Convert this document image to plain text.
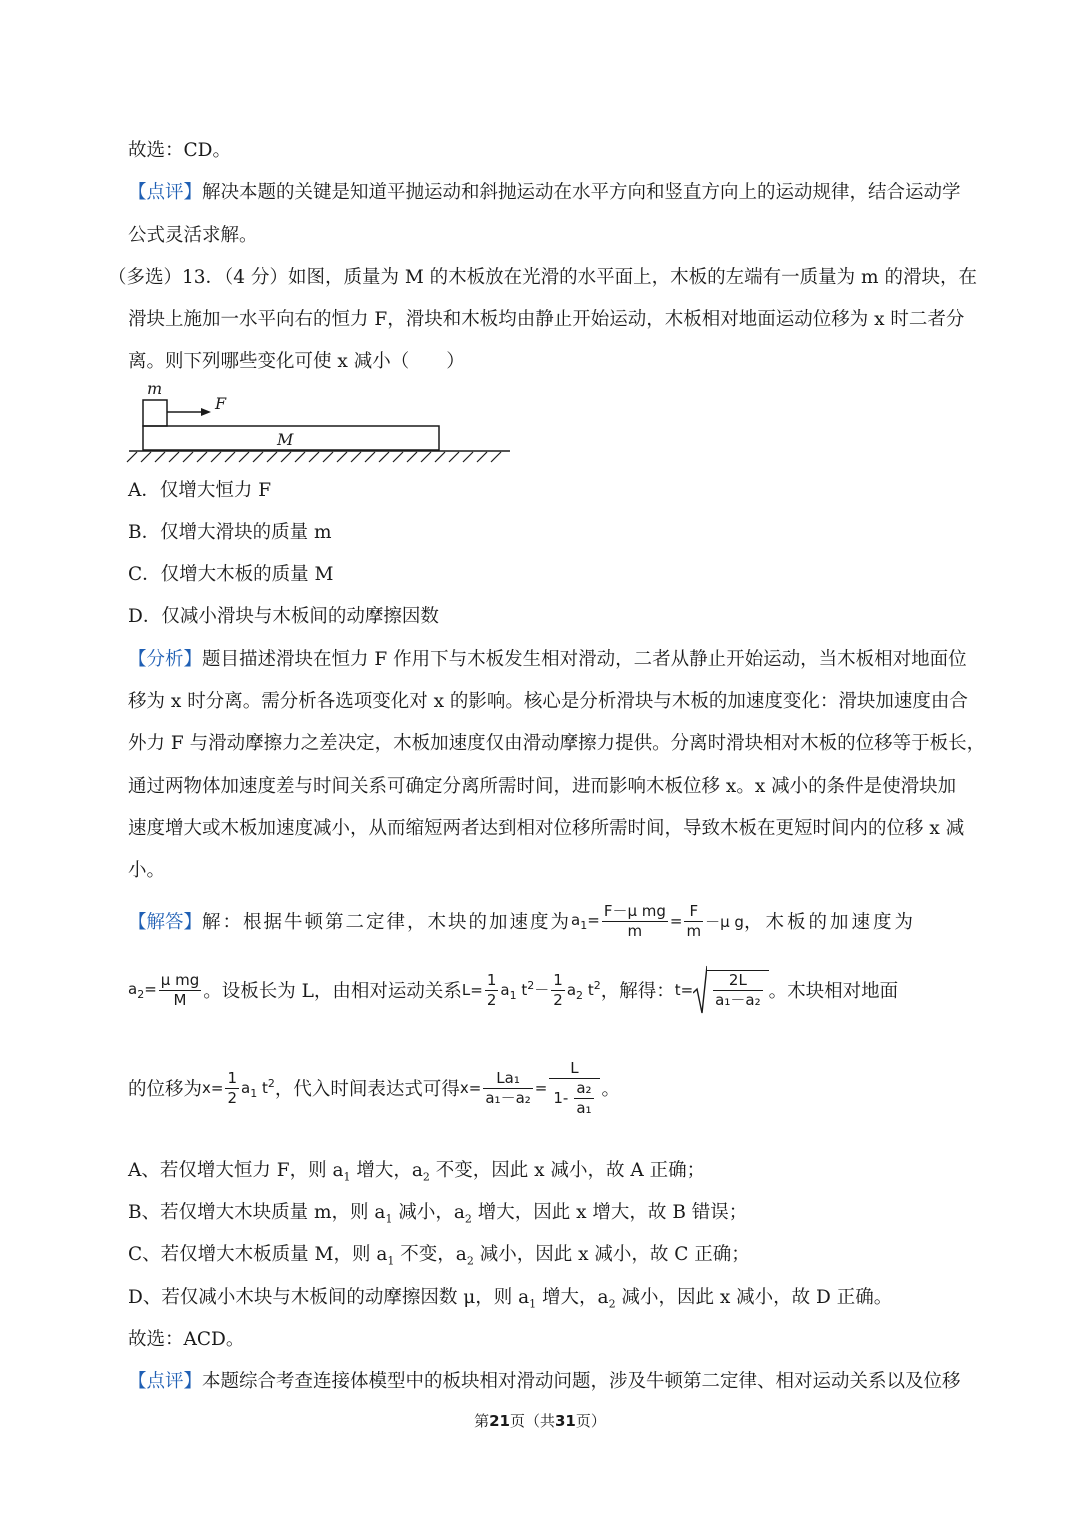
故选：CD。
【点评】解决本题的关键是知道平抛运动和斜抛运动在水平方向和竖直方向上的运动规律，结合运动学
公式灵活求解。
（多选）13．（4 分）如图，质量为 M 的木板放在光滑的水平面上，木板的左端有一质量为 m 的滑块，在
滑块上施加一水平向右的恒力 F，滑块和木板均由静止开始运动，木板相对地面运动位移为 x 时二者分
离。则下列哪些变化可使 x 减小（　　）
m
F
M
A．仅增大恒力 F
B．仅增大滑块的质量 m
C．仅增大木板的质量 M
D．仅减小滑块与木板间的动摩擦因数
【分析】题目描述滑块在恒力 F 作用下与木板发生相对滑动，二者从静止开始运动，当木板相对地面位
移为 x 时分离。需分析各选项变化对 x 的影响。核心是分析滑块与木板的加速度变化：滑块加速度由合
外力 F 与滑动摩擦力之差决定，木板加速度仅由滑动摩擦力提供。分离时滑块相对木板的位移等于板长，
通过两物体加速度差与时间关系可确定分离所需时间，进而影响木板位移 x。x 减小的条件是使滑块加
速度增大或木板加速度减小，从而缩短两者达到相对位移所需时间，导致木板在更短时间内的位移 x 减
小。
【解答】 解：根据牛顿第二定律，木块的加速度为 $a_1= \frac{\text{F－μ mg}}{m} = \frac{F}{m} -\mu$ g ，木板的加速度为
$a_2= \frac{\text{μ mg}}{M}$ 。设板长为 L，由相对运动关系 $L= \frac{1}{2} a_1$ $t^2- \frac{1}{2} a_2$ $t^2$ ，解得： $t= \frac{2L}{\text{a₁－a₂}}$ 。木块相对地面
的位移为 $x= \frac{1}{2} a_1$ $t^2$ ，代入时间表达式可得 $x= \frac{\text{La₁}}{\text{a₁－a₂}} = \frac{L}{1- \frac{\text{a₂}}{\text{a₁}}}$ 。
A、若仅增大恒力 F，则 $a_1$ 增大，$a_2$ 不变，因此 x 减小，故 A 正确；
B、若仅增大木块质量 m，则 $a_1$ 减小，$a_2$ 增大，因此 x 增大，故 B 错误；
C、若仅增大木板质量 M，则 $a_1$ 不变，$a_2$ 减小，因此 x 减小，故 C 正确；
D、若仅减小木块与木板间的动摩擦因数 μ，则 $a_1$ 增大，$a_2$ 减小，因此 x 减小，故 D 正确。
故选：ACD。
【点评】本题综合考查连接体模型中的板块相对滑动问题，涉及牛顿第二定律、相对运动关系以及位移
第21页（共31页）
